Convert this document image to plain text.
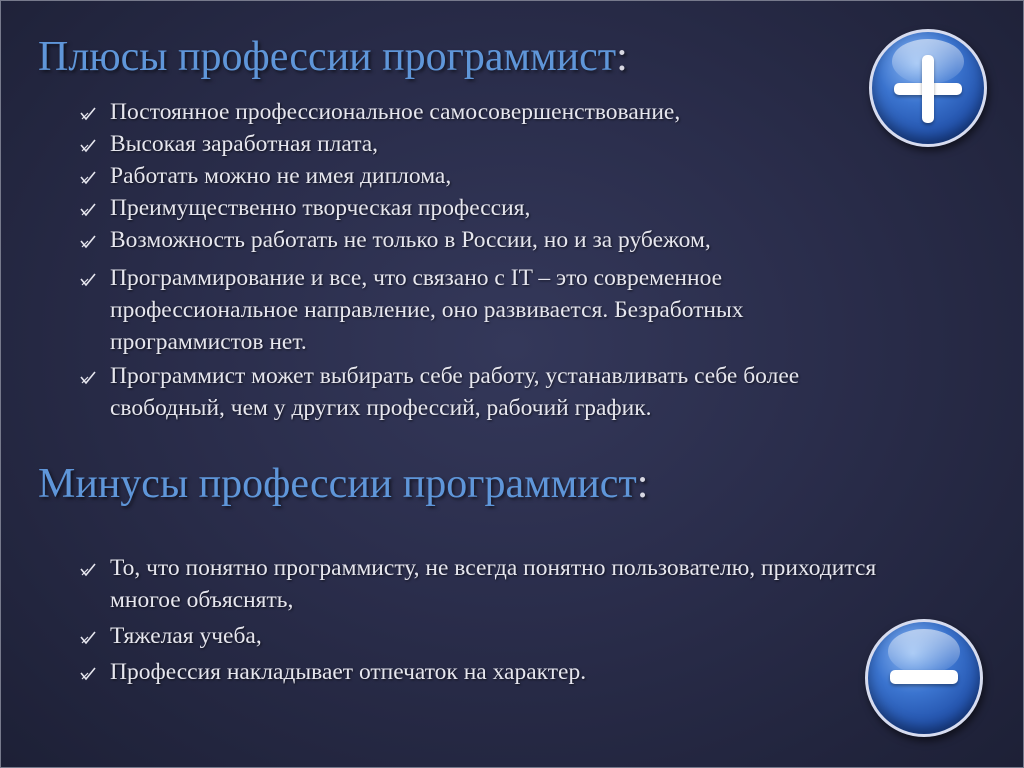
Плюсы профессии программист:
Постоянное профессиональное самосовершенствование,
Высокая заработная плата,
Работать можно не имея диплома,
Преимущественно творческая профессия,
Возможность работать не только в России, но и за рубежом,
Программирование и все, что связано с IT – это современное профессиональное направление, оно развивается. Безработных программистов нет.
Программист может выбирать себе работу, устанавливать себе более свободный, чем у других профессий, рабочий график.
Минусы профессии программист:
То, что понятно программисту, не всегда понятно пользователю, приходится многое объяснять,
Тяжелая учеба,
Профессия накладывает отпечаток на характер.
